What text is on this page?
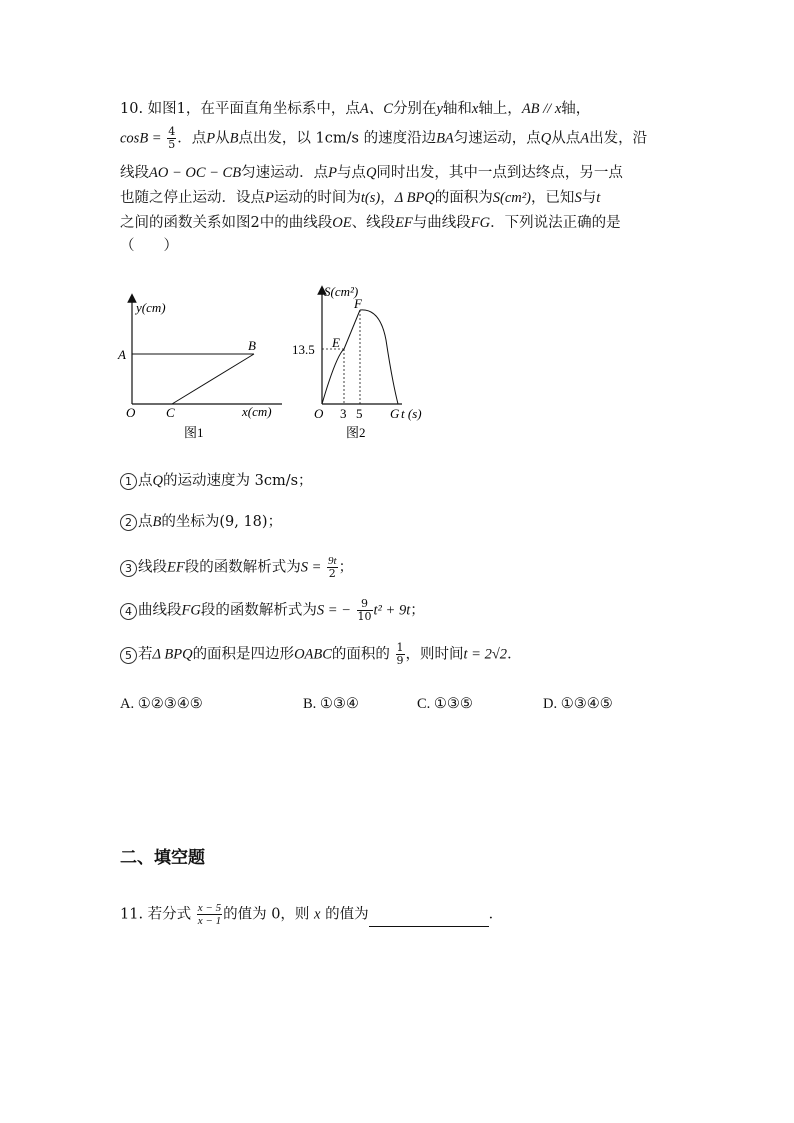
10. 如图1，在平面直角坐标系中，点A、C分别在y轴和x轴上，AB // x轴，
$\cos B = \frac{4}{5}$ ．点P从B点出发，以 1cm/s 的速度沿边BA匀速运动，点Q从点A出发，沿
线段AO − OC − CB匀速运动．点P与点Q同时出发，其中一点到达终点，另一点
也随之停止运动．设点P运动的时间为t(s)，Δ BPQ的面积为S(cm²)，已知S与t
之间的函数关系如图2中的曲线段OE、线段EF与曲线段FG．下列说法正确的是
（　　）
y(cm)
A
B
O C	x(cm)
图1
S(cm²)
F
E
13.5
O 3 5 G t (s)
图2
1 点Q的运动速度为 3cm/s；
2 点B的坐标为(9, 18)；
3 线段EF段的函数解析式为$S = \frac{9t}{2}$ ；
4 曲线段FG段的函数解析式为S = − $\frac{9}{10} t^2 + 9t$；
5 若Δ BPQ的面积是四边形OABC的面积的 $\frac{1}{9}$ ，则时间t = 2√2．
A. ①②③④⑤	B. ①③④	C. ①③⑤	D. ①③④⑤
二、填空题
11. 若分式 $\frac{x - 5}{x - 1}$ 的值为 0，则 x 的值为	．
